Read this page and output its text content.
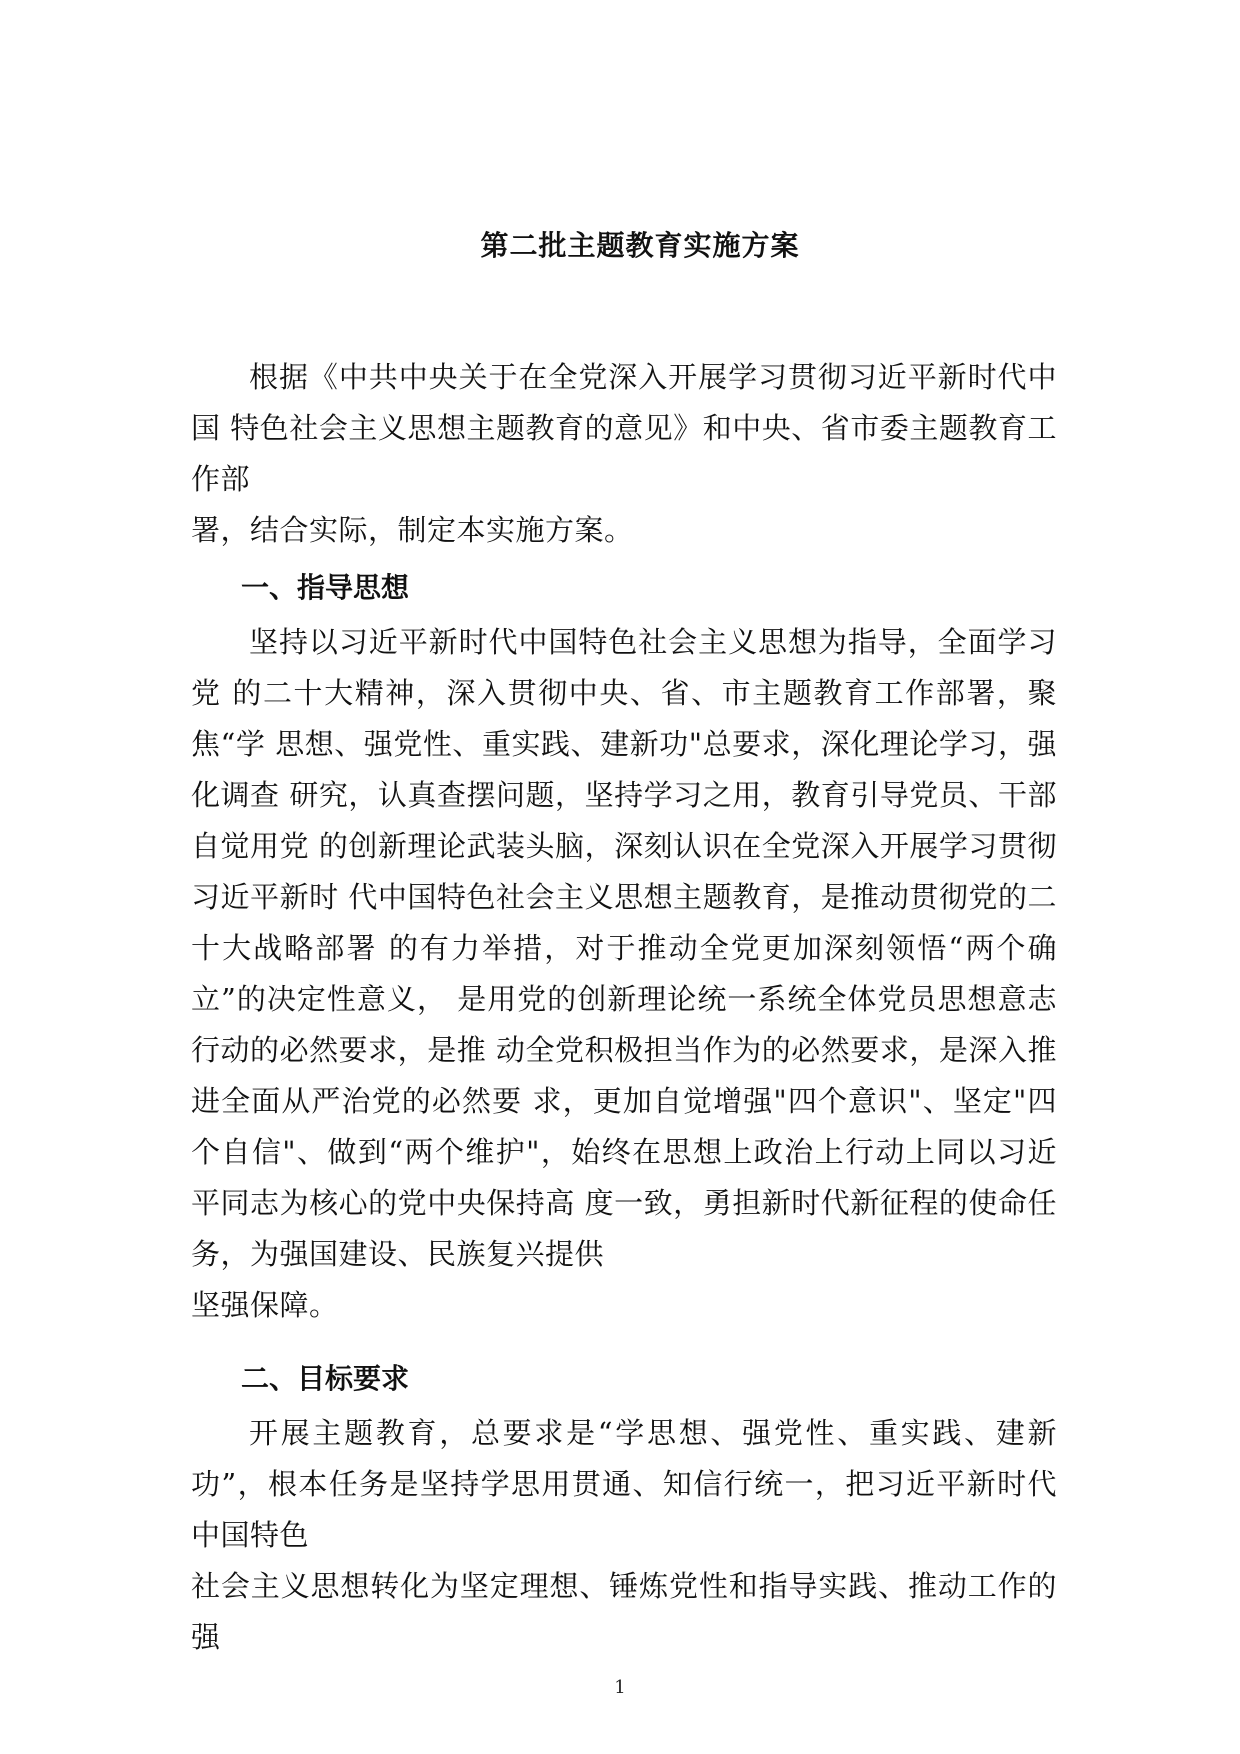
第二批主题教育实施方案

根据《中共中央关于在全党深入开展学习贯彻习近平新时代中国 特色社会主义思想主题教育的意见》和中央、省市委主题教育工作部
署，结合实际，制定本实施方案。

一、指导思想

坚持以习近平新时代中国特色社会主义思想为指导，全面学习党 的二十大精神，深入贯彻中央、省、市主题教育工作部署，聚焦“学 思想、强党性、重实践、建新功"总要求，深化理论学习，强化调查 研究，认真查摆问题，坚持学习之用，教育引导党员、干部自觉用党 的创新理论武装头脑，深刻认识在全党深入开展学习贯彻习近平新时 代中国特色社会主义思想主题教育，是推动贯彻党的二十大战略部署 的有力举措，对于推动全党更加深刻领悟“两个确立”的决定性意义， 是用党的创新理论统一系统全体党员思想意志行动的必然要求，是推 动全党积极担当作为的必然要求，是深入推进全面从严治党的必然要 求，更加自觉增强"四个意识"、坚定"四个自信"、做到“两个维护"，始终在思想上政治上行动上同以习近平同志为核心的党中央保持高 度一致，勇担新时代新征程的使命任务，为强国建设、民族复兴提供
坚强保障。

二、目标要求

开展主题教育，总要求是“学思想、强党性、重实践、建新功”，根本任务是坚持学思用贯通、知信行统一，把习近平新时代中国特色
社会主义思想转化为坚定理想、锤炼党性和指导实践、推动工作的强

1
